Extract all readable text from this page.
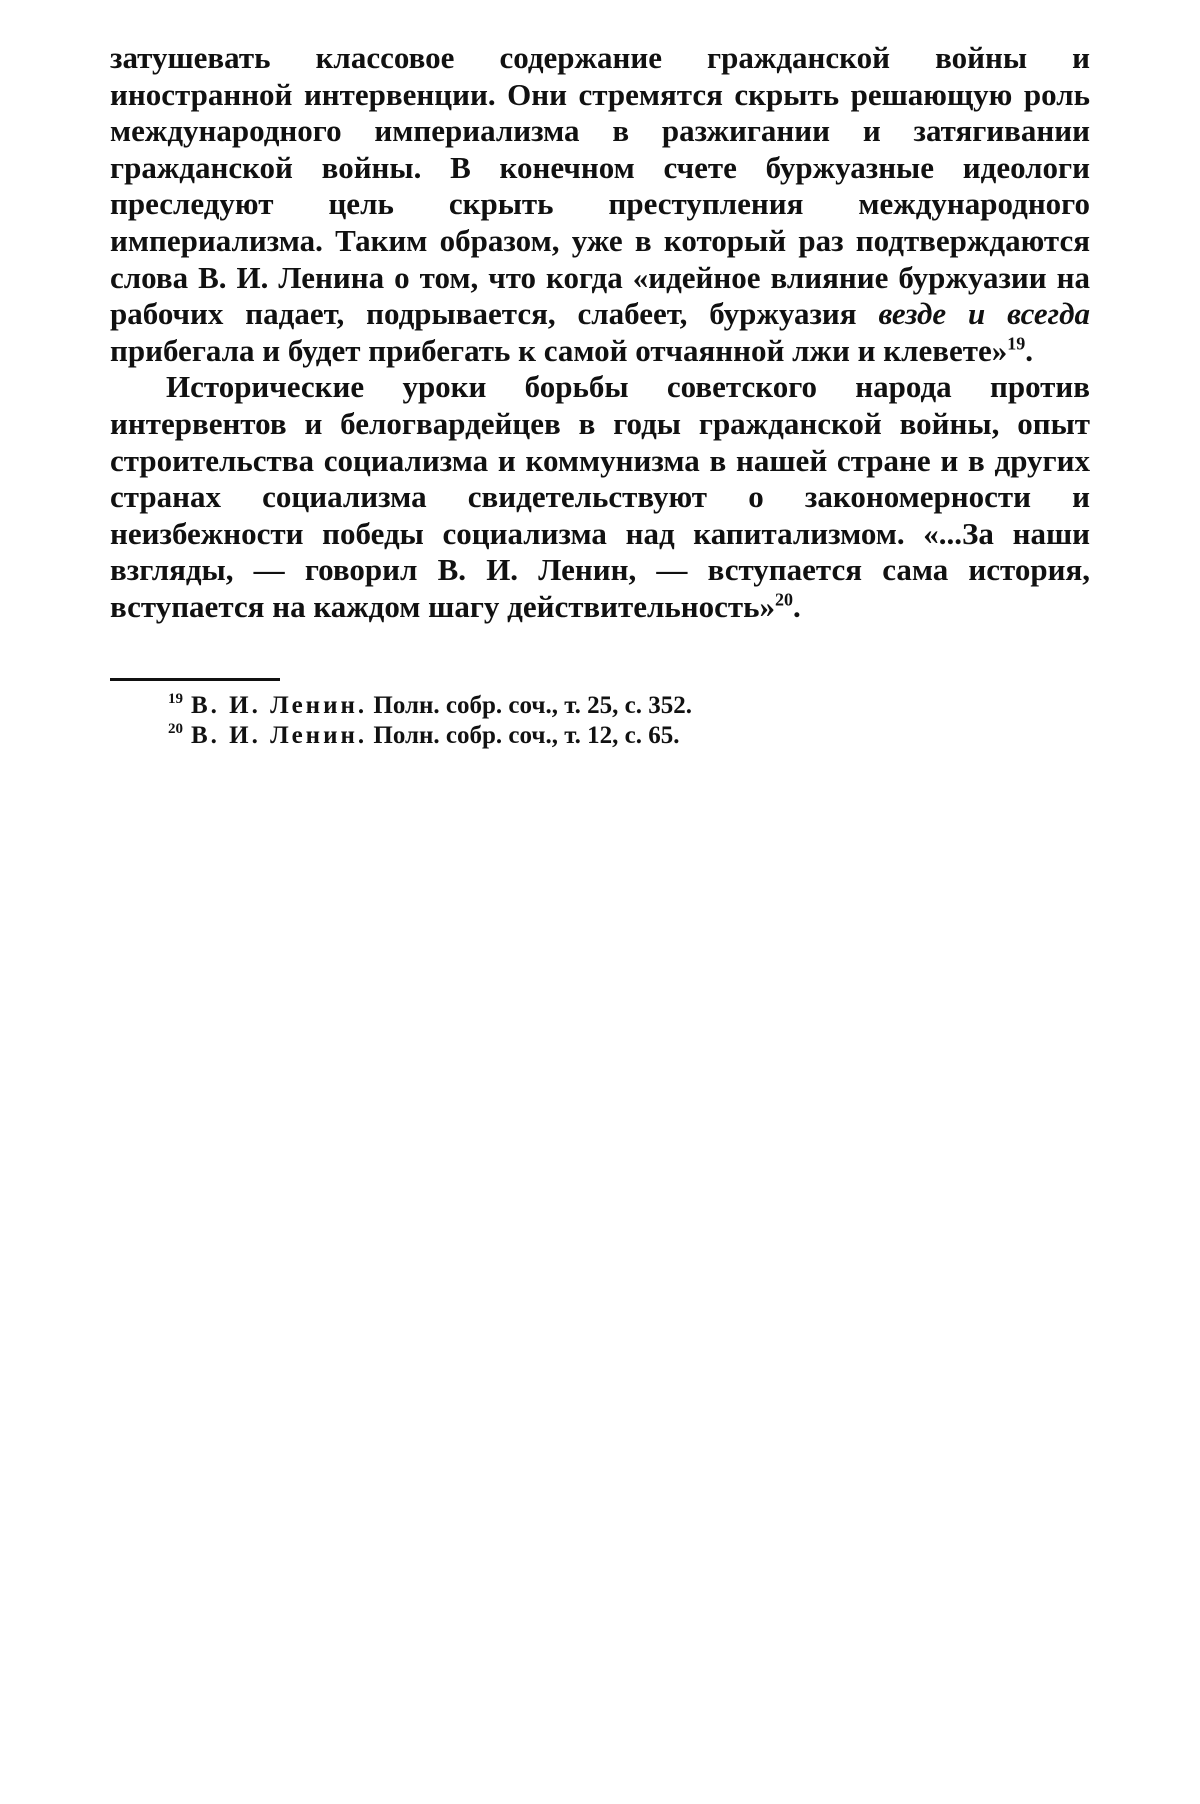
затушевать классовое содержание гражданской войны и иностранной интервенции. Они стремятся скрыть решающую роль международного империализма в разжигании и затягивании гражданской войны. В конечном счете буржуазные идеологи преследуют цель скрыть преступления международного империализма. Таким образом, уже в который раз подтверждаются слова В. И. Ленина о том, что когда «идейное влияние буржуазии на рабочих падает, подрывается, слабеет, буржуазия везде и всегда прибегала и будет прибегать к самой отчаянной лжи и клевете»$^{19}$.

Исторические уроки борьбы советского народа против интервентов и белогвардейцев в годы гражданской войны, опыт строительства социализма и коммунизма в нашей стране и в других странах социализма свидетельствуют о закономерности и неизбежности победы социализма над капитализмом. «...За наши взгляды, — говорил В. И. Ленин, — вступается сама история, вступается на каждом шагу действительность»$^{20}$.

$^{19}$ В. И. Ленин. Полн. собр. соч., т. 25, с. 352.

$^{20}$ В. И. Ленин. Полн. собр. соч., т. 12, с. 65.
